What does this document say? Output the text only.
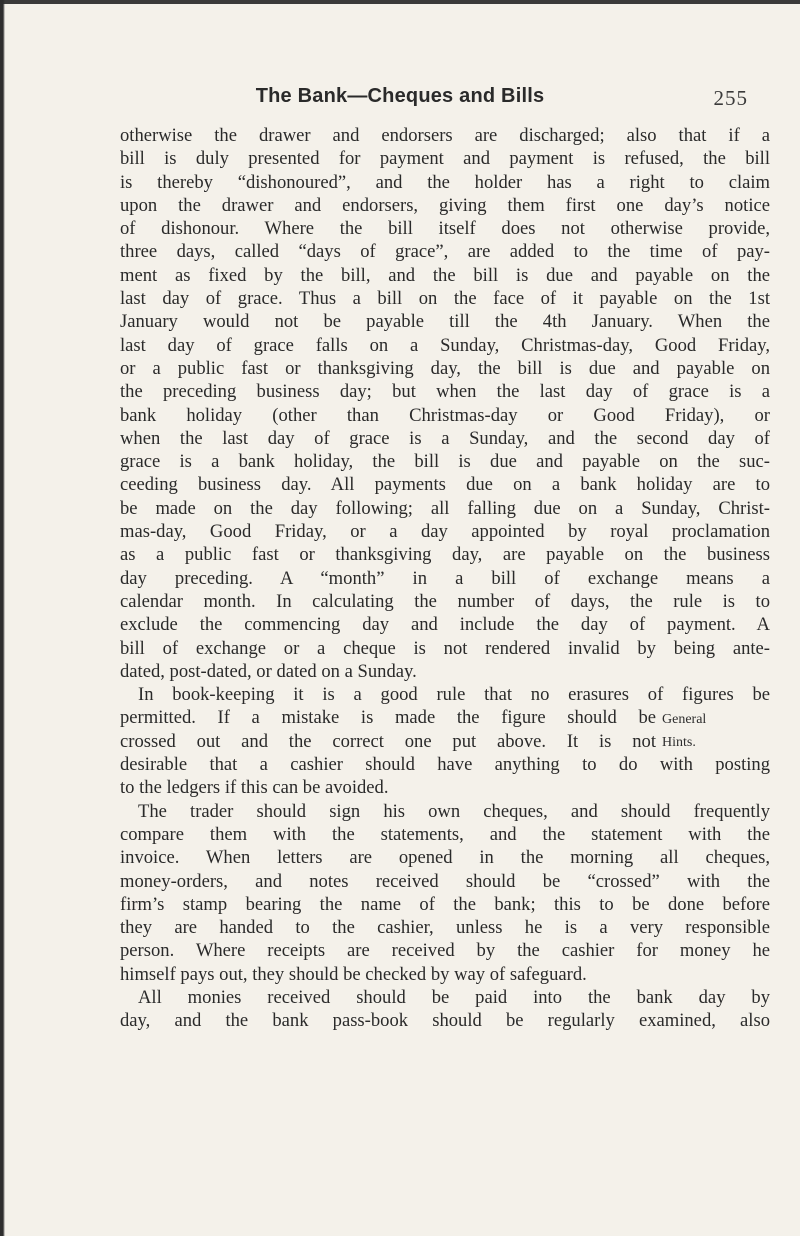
The Bank—Cheques and Bills	255
otherwise the drawer and endorsers are discharged; also that if a
bill is duly presented for payment and payment is refused, the bill
is thereby “dishonoured”, and the holder has a right to claim
upon the drawer and endorsers, giving them first one day’s notice
of dishonour. Where the bill itself does not otherwise provide,
three days, called “days of grace”, are added to the time of pay-
ment as fixed by the bill, and the bill is due and payable on the
last day of grace. Thus a bill on the face of it payable on the 1st
January would not be payable till the 4th January. When the
last day of grace falls on a Sunday, Christmas-day, Good Friday,
or a public fast or thanksgiving day, the bill is due and payable on
the preceding business day; but when the last day of grace is a
bank holiday (other than Christmas-day or Good Friday), or
when the last day of grace is a Sunday, and the second day of
grace is a bank holiday, the bill is due and payable on the suc-
ceeding business day. All payments due on a bank holiday are to
be made on the day following; all falling due on a Sunday, Christ-
mas-day, Good Friday, or a day appointed by royal proclamation
as a public fast or thanksgiving day, are payable on the business
day preceding. A “month” in a bill of exchange means a
calendar month. In calculating the number of days, the rule is to
exclude the commencing day and include the day of payment. A
bill of exchange or a cheque is not rendered invalid by being ante-
dated, post-dated, or dated on a Sunday.
In book-keeping it is a good rule that no erasures of figures be
permitted. If a mistake is made the figure should be
crossed out and the correct one put above. It is not
desirable that a cashier should have anything to do with posting
to the ledgers if this can be avoided.
The trader should sign his own cheques, and should frequently
compare them with the statements, and the statement with the
invoice. When letters are opened in the morning all cheques,
money-orders, and notes received should be “crossed” with the
firm’s stamp bearing the name of the bank; this to be done before
they are handed to the cashier, unless he is a very responsible
person. Where receipts are received by the cashier for money he
himself pays out, they should be checked by way of safeguard.
All monies received should be paid into the bank day by
day, and the bank pass-book should be regularly examined, also
General
Hints.
